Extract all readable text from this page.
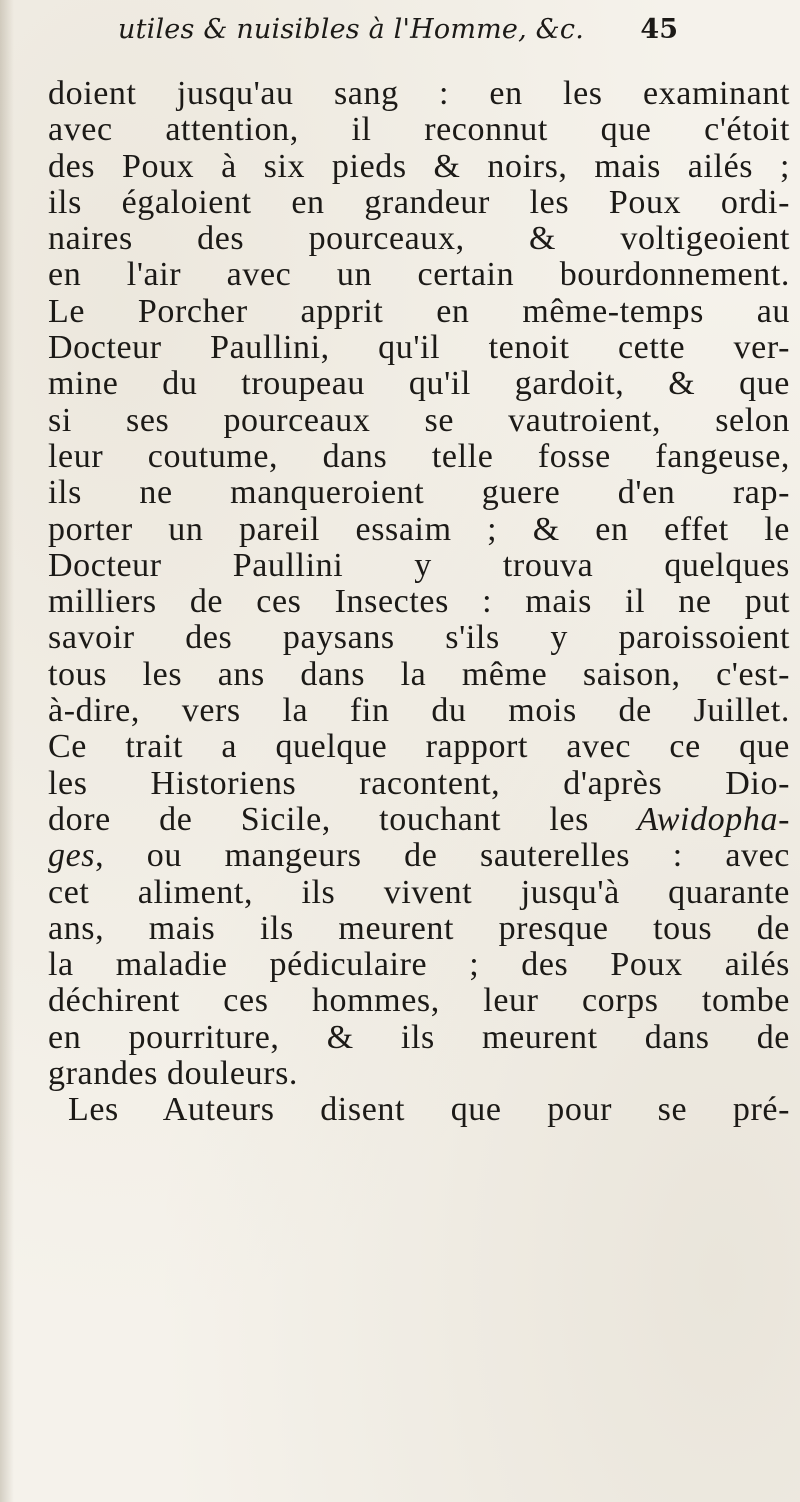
utiles & nuisibles à l'Homme, &c. 45
doient jusqu'au sang : en les examinant
avec attention, il reconnut que c'étoit
des Poux à six pieds & noirs, mais ailés ;
ils égaloient en grandeur les Poux ordi-
naires des pourceaux, & voltigeoient
en l'air avec un certain bourdonnement.
Le Porcher apprit en même-temps au
Docteur Paullini, qu'il tenoit cette ver-
mine du troupeau qu'il gardoit, & que
si ses pourceaux se vautroient, selon
leur coutume, dans telle fosse fangeuse,
ils ne manqueroient guere d'en rap-
porter un pareil essaim ; & en effet le
Docteur Paullini y trouva quelques
milliers de ces Insectes : mais il ne put
savoir des paysans s'ils y paroissoient
tous les ans dans la même saison, c'est-
à-dire, vers la fin du mois de Juillet.
Ce trait a quelque rapport avec ce que
les Historiens racontent, d'après Dio-
dore de Sicile, touchant les Awidopha-
ges, ou mangeurs de sauterelles : avec
cet aliment, ils vivent jusqu'à quarante
ans, mais ils meurent presque tous de
la maladie pédiculaire ; des Poux ailés
déchirent ces hommes, leur corps tombe
en pourriture, & ils meurent dans de
grandes douleurs.
Les Auteurs disent que pour se pré-
